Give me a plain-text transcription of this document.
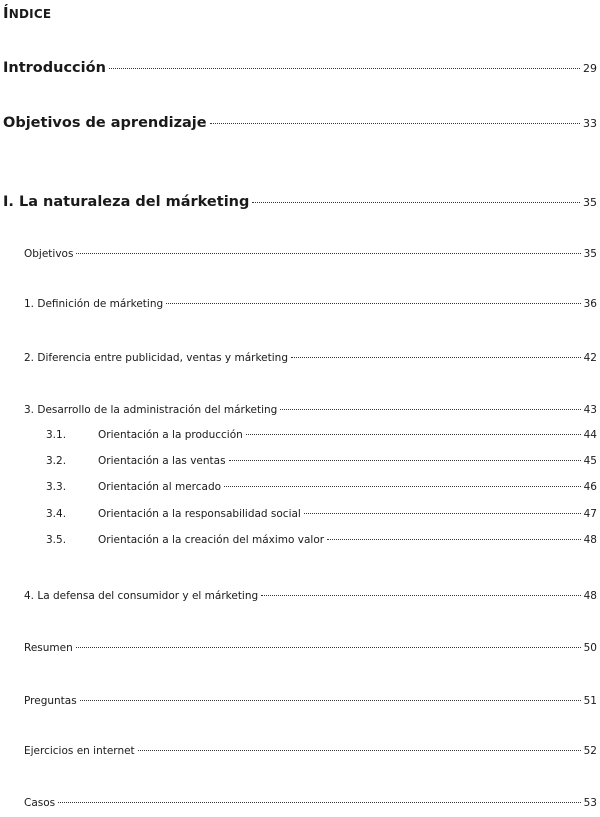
ÍNDICE
Introducción	29
Objetivos de aprendizaje	33
I. La naturaleza del márketing	35
Objetivos	35
1. Definición de márketing	36
2. Diferencia entre publicidad, ventas y márketing	42
3. Desarrollo de la administración del márketing	43
3.1.	Orientación a la producción	44
3.2.	Orientación a las ventas	45
3.3.	Orientación al mercado	46
3.4.	Orientación a la responsabilidad social	47
3.5.	Orientación a la creación del máximo valor	48
4. La defensa del consumidor y el márketing	48
Resumen	50
Preguntas	51
Ejercicios en internet	52
Casos	53
